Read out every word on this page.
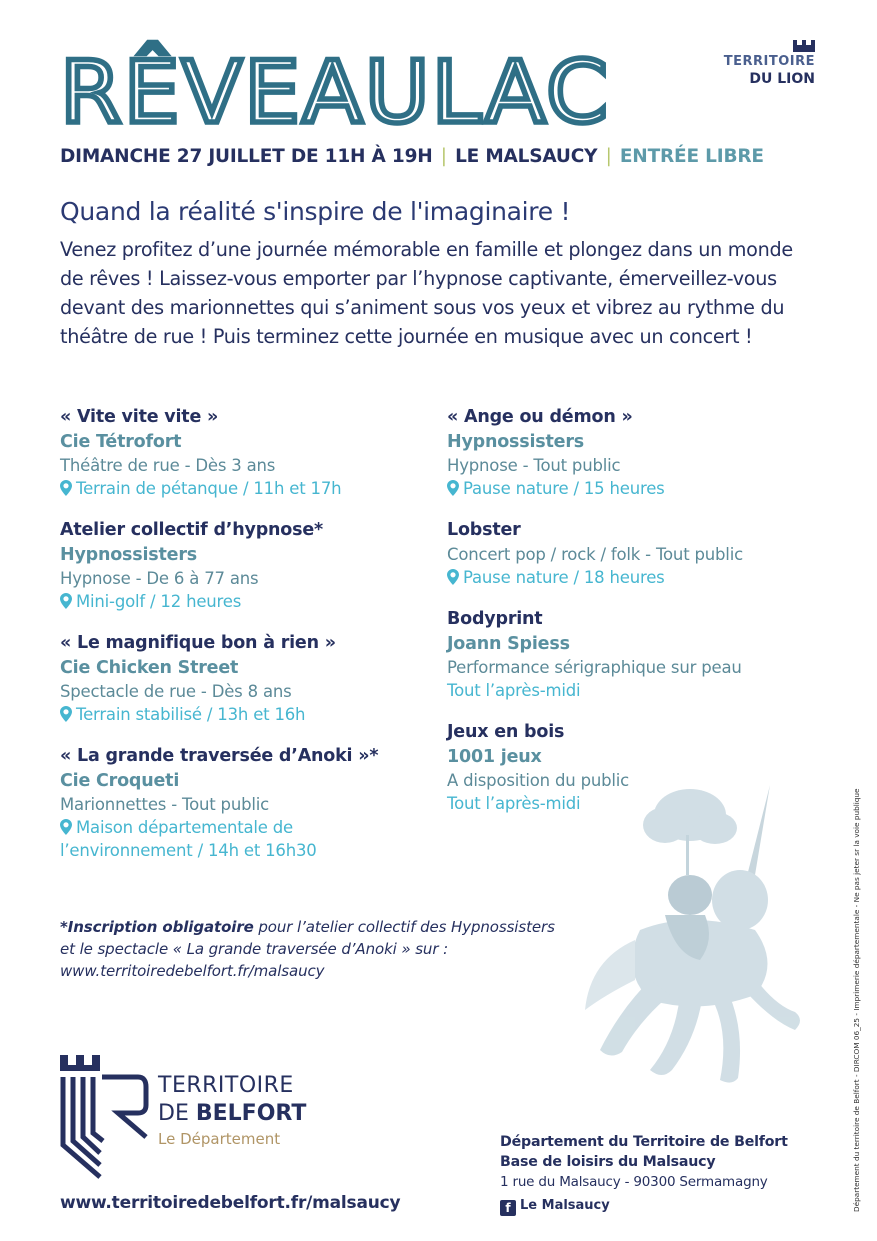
RÊVEAULAC	TERRITOIRE
DU LION
DIMANCHE 27 JUILLET DE 11H À 19H | LE MALSAUCY | ENTRÉE LIBRE
Quand la réalité s'inspire de l'imaginaire !
Venez profitez d’une journée mémorable en famille et plongez dans un monde de rêves ! Laissez-vous emporter par l’hypnose captivante, émerveillez-vous devant des marionnettes qui s’animent sous vos yeux et vibrez au rythme du théâtre de rue ! Puis terminez cette journée en musique avec un concert !
« Vite vite vite »
Cie Tétrofort
Théâtre de rue - Dès 3 ans
Terrain de pétanque / 11h et 17h
Atelier collectif d’hypnose*
Hypnossisters
Hypnose - De 6 à 77 ans
Mini-golf / 12 heures
« Le magnifique bon à rien »
Cie Chicken Street
Spectacle de rue - Dès 8 ans
Terrain stabilisé / 13h et 16h
« La grande traversée d’Anoki »*
Cie Croqueti
Marionnettes - Tout public
Maison départementale de l’environnement / 14h et 16h30
« Ange ou démon »
Hypnossisters
Hypnose - Tout public
Pause nature / 15 heures
Lobster
Concert pop / rock / folk - Tout public
Pause nature / 18 heures
Bodyprint
Joann Spiess
Performance sérigraphique sur peau
Tout l’après-midi
Jeux en bois
1001 jeux
A disposition du public
Tout l’après-midi
*Inscription obligatoire pour l’atelier collectif des Hypnossisters
et le spectacle « La grande traversée d’Anoki » sur :
www.territoiredebelfort.fr/malsaucy	Département du territoire de Belfort - DIRCOM 06_25 - Imprimerie départementale - Ne pas jeter sr la voie publique
TERRITOIRE
DE BELFORT
Le Département
www.territoiredebelfort.fr/malsaucy
Département du Territoire de Belfort
Base de loisirs du Malsaucy
1 rue du Malsaucy - 90300 Sermamagny
f Le Malsaucy
